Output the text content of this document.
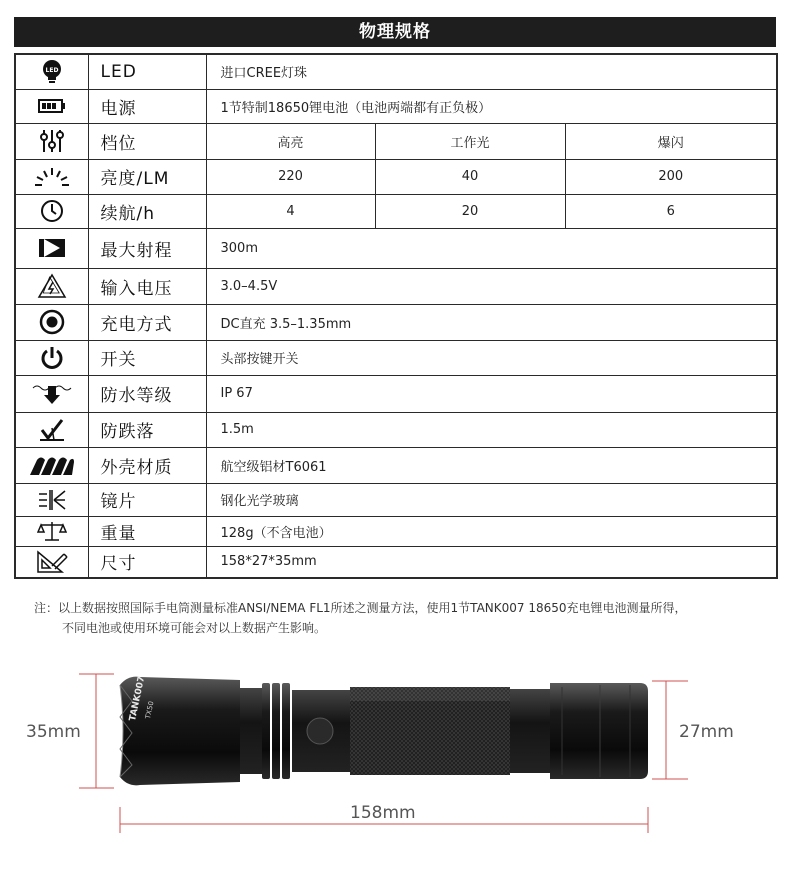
物理规格
LED	LED	进口CREE灯珠		

	电源	1节特制18650锂电池（电池两端都有正负极）		

	档位	高亮	工作光	爆闪

	亮度/LM	220	40	200

	续航/h	4	20	6

	最大射程	300m		

	输入电压	3.0–4.5V		

	充电方式	DC直充 3.5–1.35mm		

	开关	头部按键开关		

	防水等级	IP 67		

	防跌落	1.5m		

	外壳材质	航空级铝材T6061		

	镜片	钢化光学玻璃		

	重量	128g（不含电池）		

	尺寸	158*27*35mm		
注：以上数据按照国际手电筒测量标准ANSI/NEMA FL1所述之测量方法，使用1节TANK007 18650充电锂电池测量所得，
不同电池或使用环境可能会对以上数据产生影响。
TANK007
TX50
35mm	27mm
158mm
